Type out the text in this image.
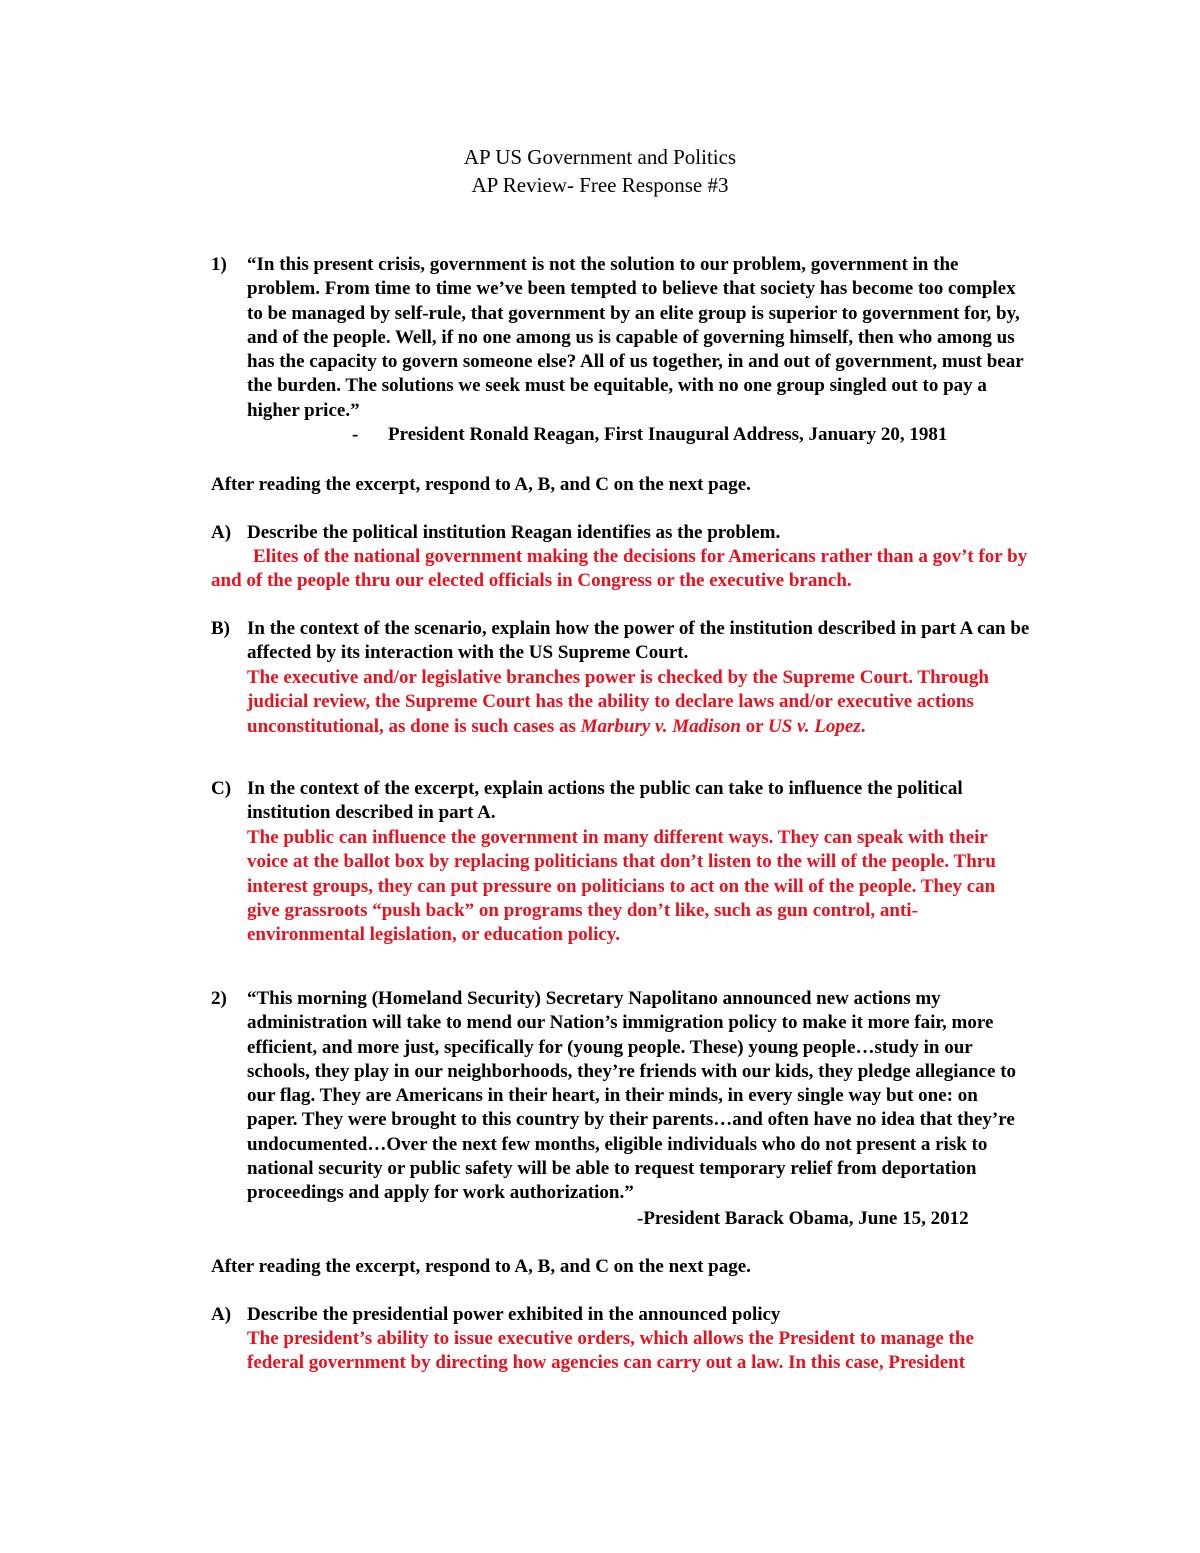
AP US Government and Politics
AP Review- Free Response #3
1) “In this present crisis, government is not the solution to our problem, government in the
problem. From time to time we’ve been tempted to believe that society has become too complex
to be managed by self-rule, that government by an elite group is superior to government for, by,
and of the people. Well, if no one among us is capable of governing himself, then who among us
has the capacity to govern someone else? All of us together, in and out of government, must bear
the burden. The solutions we seek must be equitable, with no one group singled out to pay a
higher price.”
- President Ronald Reagan, First Inaugural Address, January 20, 1981
After reading the excerpt, respond to A, B, and C on the next page.
A) Describe the political institution Reagan identifies as the problem.
Elites of the national government making the decisions for Americans rather than a gov’t for by
and of the people thru our elected officials in Congress or the executive branch.
B) In the context of the scenario, explain how the power of the institution described in part A can be
affected by its interaction with the US Supreme Court.
The executive and/or legislative branches power is checked by the Supreme Court. Through
judicial review, the Supreme Court has the ability to declare laws and/or executive actions
unconstitutional, as done is such cases as Marbury v. Madison or US v. Lopez.
C) In the context of the excerpt, explain actions the public can take to influence the political
institution described in part A.
The public can influence the government in many different ways. They can speak with their
voice at the ballot box by replacing politicians that don’t listen to the will of the people. Thru
interest groups, they can put pressure on politicians to act on the will of the people. They can
give grassroots “push back” on programs they don’t like, such as gun control, anti-
environmental legislation, or education policy.
2) “This morning (Homeland Security) Secretary Napolitano announced new actions my
administration will take to mend our Nation’s immigration policy to make it more fair, more
efficient, and more just, specifically for (young people. These) young people…study in our
schools, they play in our neighborhoods, they’re friends with our kids, they pledge allegiance to
our flag. They are Americans in their heart, in their minds, in every single way but one: on
paper. They were brought to this country by their parents…and often have no idea that they’re
undocumented…Over the next few months, eligible individuals who do not present a risk to
national security or public safety will be able to request temporary relief from deportation
proceedings and apply for work authorization.”
-President Barack Obama, June 15, 2012
After reading the excerpt, respond to A, B, and C on the next page.
A) Describe the presidential power exhibited in the announced policy
The president’s ability to issue executive orders, which allows the President to manage the
federal government by directing how agencies can carry out a law. In this case, President
